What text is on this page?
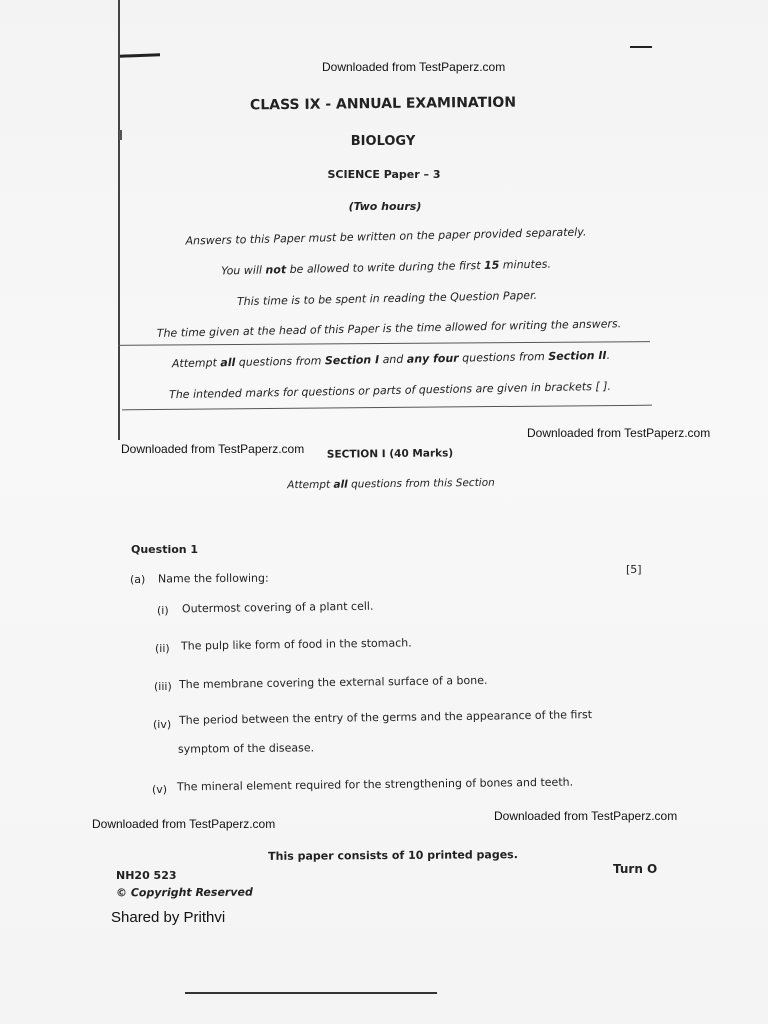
Downloaded from TestPaperz.com
Downloaded from TestPaperz.com
Downloaded from TestPaperz.com
Downloaded from TestPaperz.com
Downloaded from TestPaperz.com
CLASS IX - ANNUAL EXAMINATION
BIOLOGY
SCIENCE Paper – 3
(Two hours)
Answers to this Paper must be written on the paper provided separately.
You will not be allowed to write during the first 15 minutes.
This time is to be spent in reading the Question Paper.
The time given at the head of this Paper is the time allowed for writing the answers.
Attempt all questions from Section I and any four questions from Section II.
The intended marks for questions or parts of questions are given in brackets [ ].
SECTION I (40 Marks)
Attempt all questions from this Section
Question 1
(a) Name the following:
[5]
(i) Outermost covering of a plant cell.
(ii) The pulp like form of food in the stomach.
(iii) The membrane covering the external surface of a bone.
(iv) The period between the entry of the germs and the appearance of the first
symptom of the disease.
(v) The mineral element required for the strengthening of bones and teeth.
This paper consists of 10 printed pages.
NH20 523
© Copyright Reserved
Turn O
Shared by Prithvi
